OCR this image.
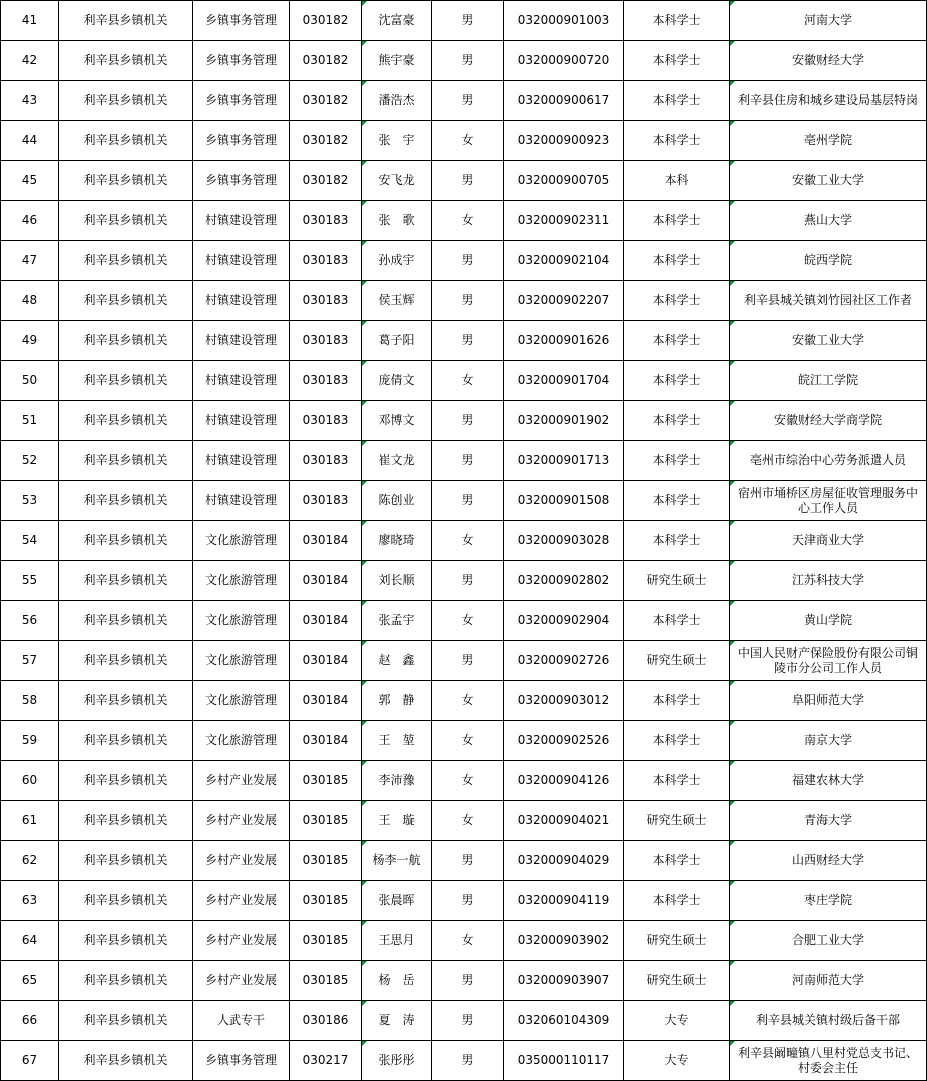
41	利辛县乡镇机关	乡镇事务管理	030182	沈富豪	男	032000901003	本科学士	河南大学
42	利辛县乡镇机关	乡镇事务管理	030182	熊宇豪	男	032000900720	本科学士	安徽财经大学
43	利辛县乡镇机关	乡镇事务管理	030182	潘浩杰	男	032000900617	本科学士	利辛县住房和城乡建设局基层特岗
44	利辛县乡镇机关	乡镇事务管理	030182	张　宇	女	032000900923	本科学士	亳州学院
45	利辛县乡镇机关	乡镇事务管理	030182	安飞龙	男	032000900705	本科	安徽工业大学
46	利辛县乡镇机关	村镇建设管理	030183	张　歌	女	032000902311	本科学士	燕山大学
47	利辛县乡镇机关	村镇建设管理	030183	孙成宇	男	032000902104	本科学士	皖西学院
48	利辛县乡镇机关	村镇建设管理	030183	侯玉辉	男	032000902207	本科学士	利辛县城关镇刘竹园社区工作者
49	利辛县乡镇机关	村镇建设管理	030183	葛子阳	男	032000901626	本科学士	安徽工业大学
50	利辛县乡镇机关	村镇建设管理	030183	庞倩文	女	032000901704	本科学士	皖江工学院
51	利辛县乡镇机关	村镇建设管理	030183	邓博文	男	032000901902	本科学士	安徽财经大学商学院
52	利辛县乡镇机关	村镇建设管理	030183	崔文龙	男	032000901713	本科学士	亳州市综治中心劳务派遣人员
53	利辛县乡镇机关	村镇建设管理	030183	陈创业	男	032000901508	本科学士	宿州市埇桥区房屋征收管理服务中心工作人员
54	利辛县乡镇机关	文化旅游管理	030184	廖晓琦	女	032000903028	本科学士	天津商业大学
55	利辛县乡镇机关	文化旅游管理	030184	刘长顺	男	032000902802	研究生硕士	江苏科技大学
56	利辛县乡镇机关	文化旅游管理	030184	张孟宇	女	032000902904	本科学士	黄山学院
57	利辛县乡镇机关	文化旅游管理	030184	赵　鑫	男	032000902726	研究生硕士	中国人民财产保险股份有限公司铜陵市分公司工作人员
58	利辛县乡镇机关	文化旅游管理	030184	郭　静	女	032000903012	本科学士	阜阳师范大学
59	利辛县乡镇机关	文化旅游管理	030184	王　堃	女	032000902526	本科学士	南京大学
60	利辛县乡镇机关	乡村产业发展	030185	李沛豫	女	032000904126	本科学士	福建农林大学
61	利辛县乡镇机关	乡村产业发展	030185	王　璇	女	032000904021	研究生硕士	青海大学
62	利辛县乡镇机关	乡村产业发展	030185	杨李一航	男	032000904029	本科学士	山西财经大学
63	利辛县乡镇机关	乡村产业发展	030185	张晨晖	男	032000904119	本科学士	枣庄学院
64	利辛县乡镇机关	乡村产业发展	030185	王思月	女	032000903902	研究生硕士	合肥工业大学
65	利辛县乡镇机关	乡村产业发展	030185	杨　岳	男	032000903907	研究生硕士	河南师范大学
66	利辛县乡镇机关	人武专干	030186	夏　涛	男	032060104309	大专	利辛县城关镇村级后备干部
67	利辛县乡镇机关	乡镇事务管理	030217	张彤彤	男	035000110117	大专	利辛县阚疃镇八里村党总支书记、村委会主任
